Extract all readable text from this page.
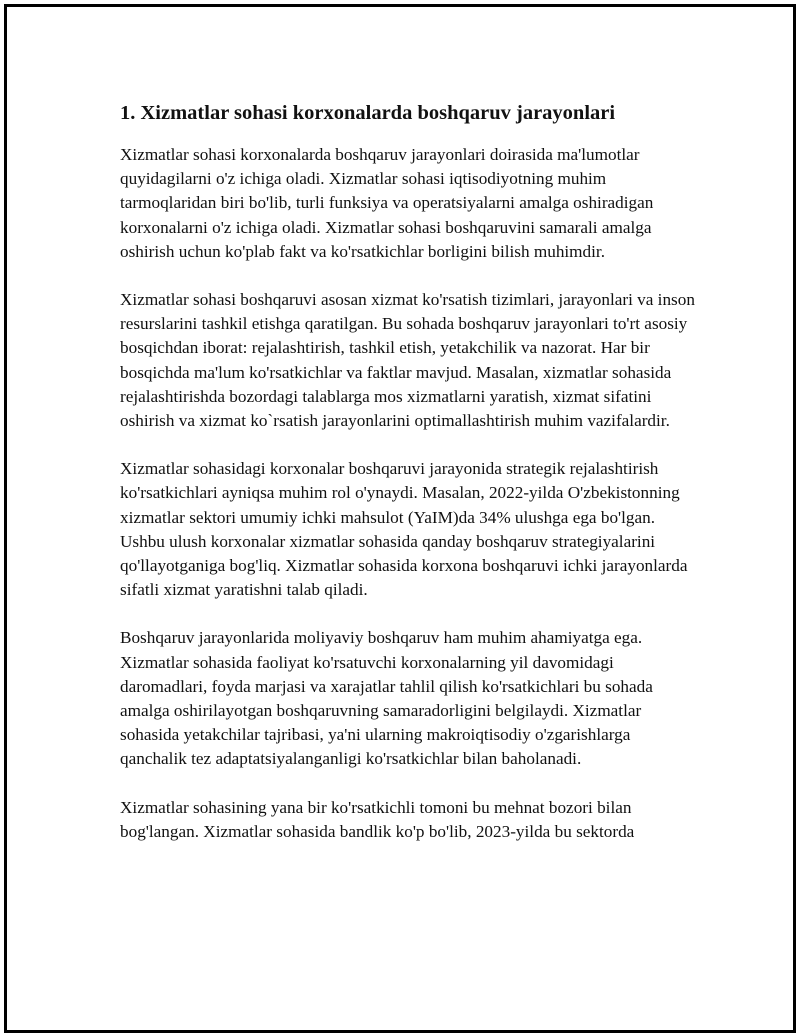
1. Xizmatlar sohasi korxonalarda boshqaruv jarayonlari

Xizmatlar sohasi korxonalarda boshqaruv jarayonlari doirasida ma'lumotlar quyidagilarni o'z ichiga oladi. Xizmatlar sohasi iqtisodiyotning muhim tarmoqlaridan biri bo'lib, turli funksiya va operatsiyalarni amalga oshiradigan korxonalarni o'z ichiga oladi. Xizmatlar sohasi boshqaruvini samarali amalga oshirish uchun ko'plab fakt va ko'rsatkichlar borligini bilish muhimdir.

Xizmatlar sohasi boshqaruvi asosan xizmat ko'rsatish tizimlari, jarayonlari va inson resurslarini tashkil etishga qaratilgan. Bu sohada boshqaruv jarayonlari to'rt asosiy bosqichdan iborat: rejalashtirish, tashkil etish, yetakchilik va nazorat. Har bir bosqichda ma'lum ko'rsatkichlar va faktlar mavjud. Masalan, xizmatlar sohasida rejalashtirishda bozordagi talablarga mos xizmatlarni yaratish, xizmat sifatini oshirish va xizmat ko`rsatish jarayonlarini optimallashtirish muhim vazifalardir.

Xizmatlar sohasidagi korxonalar boshqaruvi jarayonida strategik rejalashtirish ko'rsatkichlari ayniqsa muhim rol o'ynaydi. Masalan, 2022-yilda O'zbekistonning xizmatlar sektori umumiy ichki mahsulot (YaIM)da 34% ulushga ega bo'lgan. Ushbu ulush korxonalar xizmatlar sohasida qanday boshqaruv strategiyalarini qo'llayotganiga bog'liq. Xizmatlar sohasida korxona boshqaruvi ichki jarayonlarda sifatli xizmat yaratishni talab qiladi.

Boshqaruv jarayonlarida moliyaviy boshqaruv ham muhim ahamiyatga ega. Xizmatlar sohasida faoliyat ko'rsatuvchi korxonalarning yil davomidagi daromadlari, foyda marjasi va xarajatlar tahlil qilish ko'rsatkichlari bu sohada amalga oshirilayotgan boshqaruvning samaradorligini belgilaydi. Xizmatlar sohasida yetakchilar tajribasi, ya'ni ularning makroiqtisodiy o'zgarishlarga qanchalik tez adaptatsiyalanganligi ko'rsatkichlar bilan baholanadi.

Xizmatlar sohasining yana bir ko'rsatkichli tomoni bu mehnat bozori bilan bog'langan. Xizmatlar sohasida bandlik ko'p bo'lib, 2023-yilda bu sektorda
